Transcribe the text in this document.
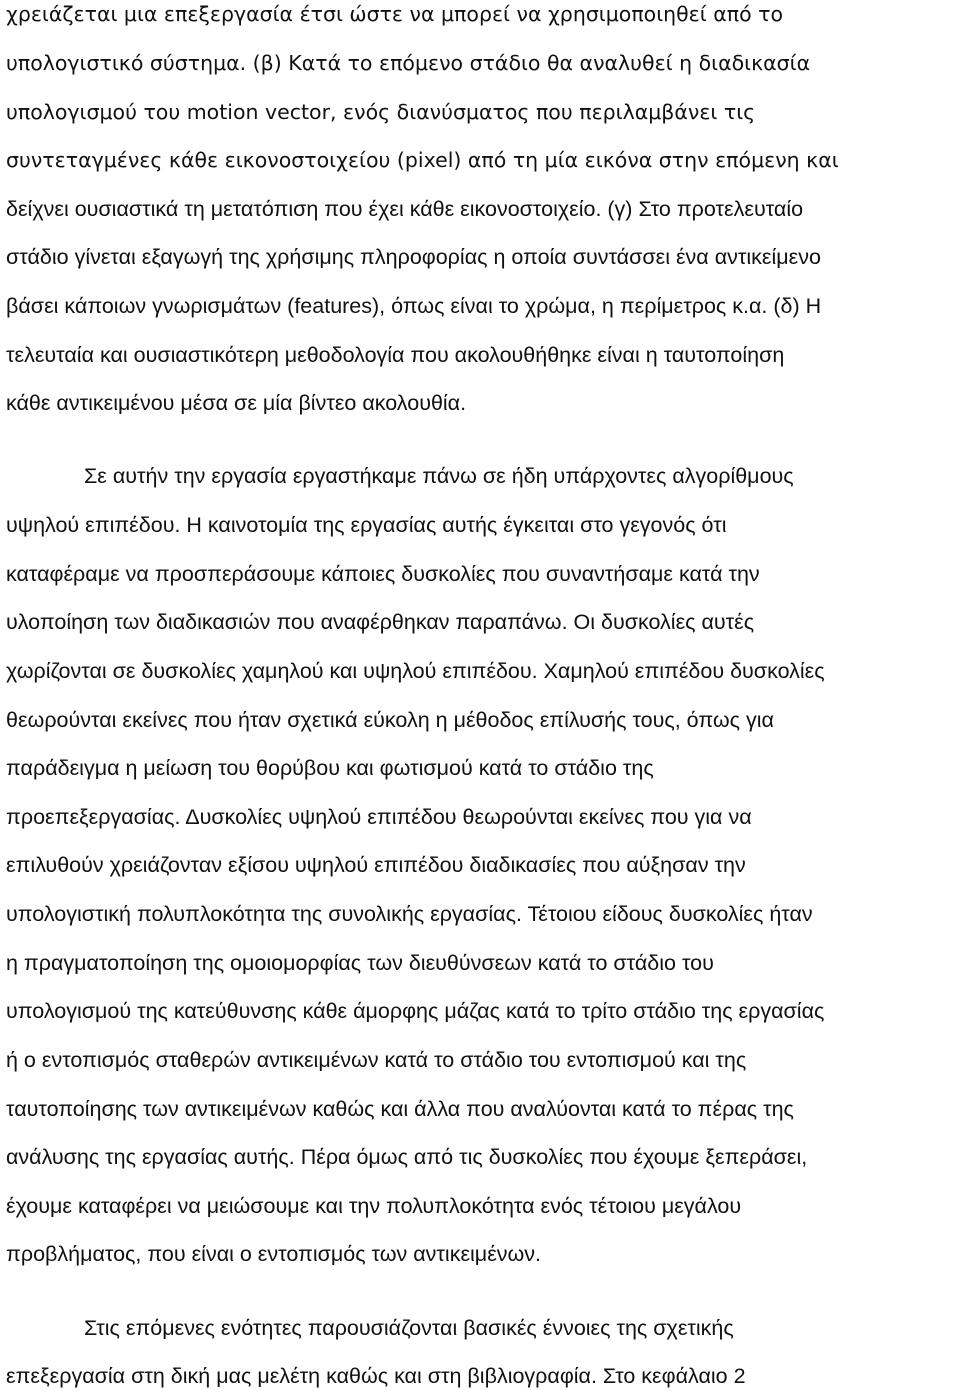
χρειάζεται μια επεξεργασία έτσι ώστε να μπορεί να χρησιμοποιηθεί από το
υπολογιστικό σύστημα. (β) Κατά το επόμενο στάδιο θα αναλυθεί η διαδικασία
υπολογισμού του motion vector, ενός διανύσματος που περιλαμβάνει τις
συντεταγμένες κάθε εικονοστοιχείου (pixel) από τη μία εικόνα στην επόμενη και
δείχνει ουσιαστικά τη μετατόπιση που έχει κάθε εικονοστοιχείο. (γ) Στο προτελευταίο
στάδιο γίνεται εξαγωγή της χρήσιμης πληροφορίας η οποία συντάσσει ένα αντικείμενο
βάσει κάποιων γνωρισμάτων (features), όπως είναι το χρώμα, η περίμετρος κ.α. (δ) Η
τελευταία και ουσιαστικότερη μεθοδολογία που ακολουθήθηκε είναι η ταυτοποίηση
κάθε αντικειμένου μέσα σε μία βίντεο ακολουθία.
Σε αυτήν την εργασία εργαστήκαμε πάνω σε ήδη υπάρχοντες αλγορίθμους
υψηλού επιπέδου. Η καινοτομία της εργασίας αυτής έγκειται στο γεγονός ότι
καταφέραμε να προσπεράσουμε κάποιες δυσκολίες που συναντήσαμε κατά την
υλοποίηση των διαδικασιών που αναφέρθηκαν παραπάνω. Οι δυσκολίες αυτές
χωρίζονται σε δυσκολίες χαμηλού και υψηλού επιπέδου. Χαμηλού επιπέδου δυσκολίες
θεωρούνται εκείνες που ήταν σχετικά εύκολη η μέθοδος επίλυσής τους, όπως για
παράδειγμα η μείωση του θορύβου και φωτισμού κατά το στάδιο της
προεπεξεργασίας. Δυσκολίες υψηλού επιπέδου θεωρούνται εκείνες που για να
επιλυθούν χρειάζονταν εξίσου υψηλού επιπέδου διαδικασίες που αύξησαν την
υπολογιστική πολυπλοκότητα της συνολικής εργασίας. Τέτοιου είδους δυσκολίες ήταν
η πραγματοποίηση της ομοιομορφίας των διευθύνσεων κατά το στάδιο του
υπολογισμού της κατεύθυνσης κάθε άμορφης μάζας κατά το τρίτο στάδιο της εργασίας
ή ο εντοπισμός σταθερών αντικειμένων κατά το στάδιο του εντοπισμού και της
ταυτοποίησης των αντικειμένων καθώς και άλλα που αναλύονται κατά το πέρας της
ανάλυσης της εργασίας αυτής. Πέρα όμως από τις δυσκολίες που έχουμε ξεπεράσει,
έχουμε καταφέρει να μειώσουμε και την πολυπλοκότητα ενός τέτοιου μεγάλου
προβλήματος, που είναι ο εντοπισμός των αντικειμένων.
Στις επόμενες ενότητες παρουσιάζονται βασικές έννοιες της σχετικής
επεξεργασία στη δική μας μελέτη καθώς και στη βιβλιογραφία. Στο κεφάλαιο 2
